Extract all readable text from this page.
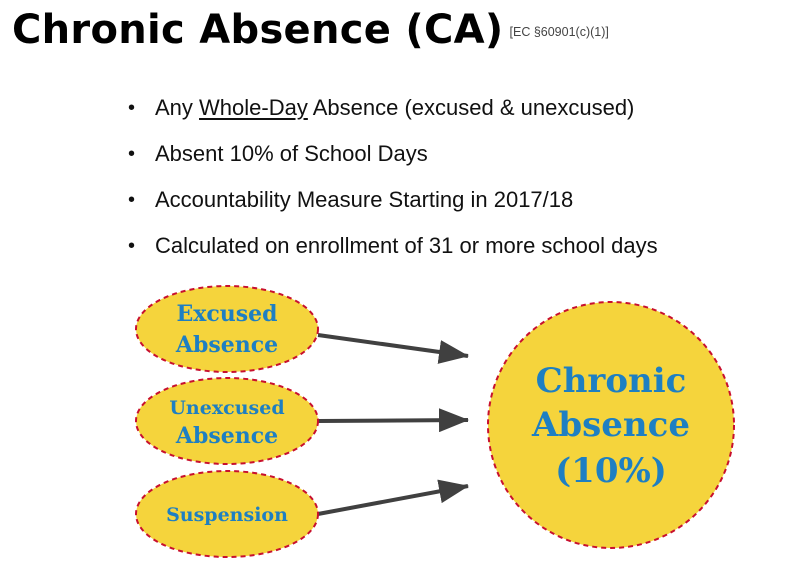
Chronic Absence (CA) [EC §60901(c)(1)]
• Any Whole-Day Absence (excused & unexcused)
• Absent 10% of School Days
• Accountability Measure Starting in 2017/18
• Calculated on enrollment of 31 or more school days
Excused
Absence
Unexcused
Absence
Suspension
Chronic
Absence
(10%)
